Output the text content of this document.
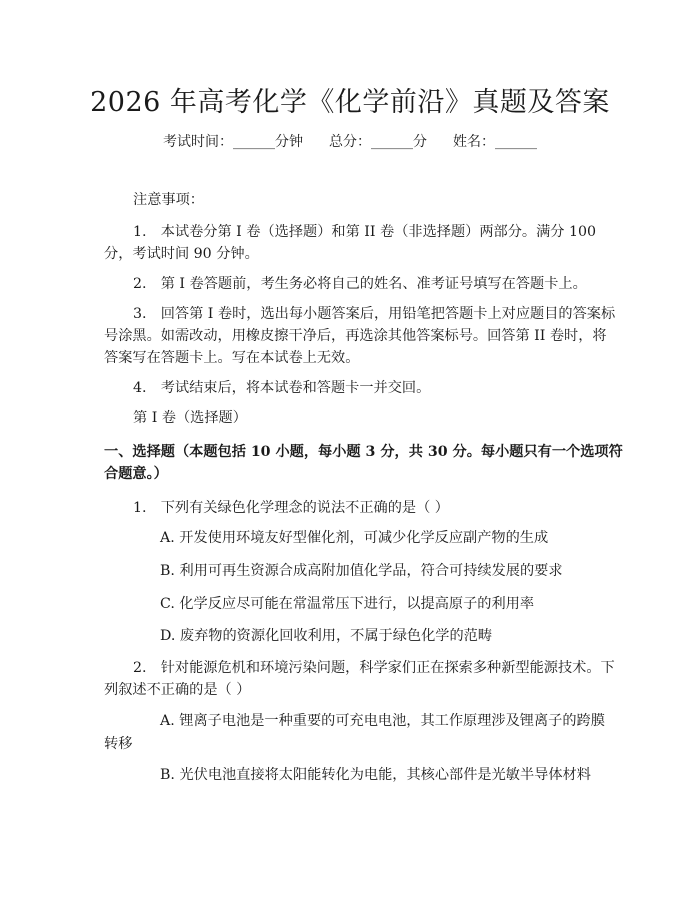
2026 年高考化学《化学前沿》真题及答案
考试时间：______分钟 总分：______分 姓名：______
注意事项：
1.　本试卷分第 I 卷（选择题）和第 II 卷（非选择题）两部分。满分 100
分，考试时间 90 分钟。
2.　第 I 卷答题前，考生务必将自己的姓名、准考证号填写在答题卡上。
3.　回答第 I 卷时，选出每小题答案后，用铅笔把答题卡上对应题目的答案标
号涂黑。如需改动，用橡皮擦干净后，再选涂其他答案标号。回答第 II 卷时，将
答案写在答题卡上。写在本试卷上无效。
4.　考试结束后，将本试卷和答题卡一并交回。
第 I 卷（选择题）
一、选择题（本题包括 10 小题，每小题 3 分，共 30 分。每小题只有一个选项符
合题意。）
1.　下列有关绿色化学理念的说法不正确的是（ ）
A. 开发使用环境友好型催化剂，可减少化学反应副产物的生成
B. 利用可再生资源合成高附加值化学品，符合可持续发展的要求
C. 化学反应尽可能在常温常压下进行，以提高原子的利用率
D. 废弃物的资源化回收利用，不属于绿色化学的范畴
2.　针对能源危机和环境污染问题，科学家们正在探索多种新型能源技术。下
列叙述不正确的是（ ）
A. 锂离子电池是一种重要的可充电电池，其工作原理涉及锂离子的跨膜
转移
B. 光伏电池直接将太阳能转化为电能，其核心部件是光敏半导体材料
